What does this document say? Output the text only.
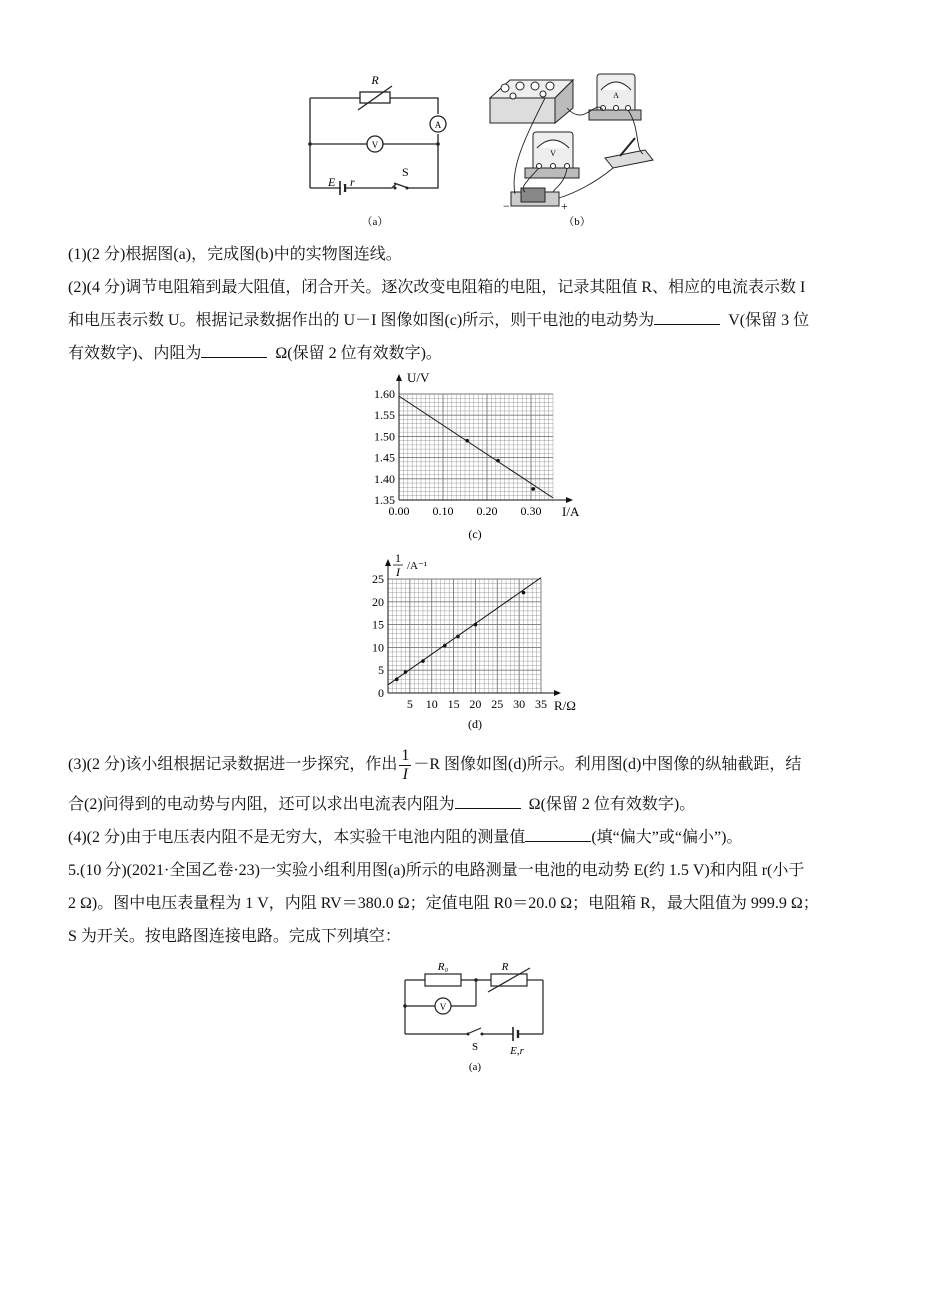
R
A
V
E r
S
（a）
A
V
−	+
（b）
(1)(2 分)根据图(a)，完成图(b)中的实物图连线。
(2)(4 分)调节电阻箱到最大阻值，闭合开关。逐次改变电阻箱的电阻，记录其阻值 R、相应的电流表示数 I
和电压表示数 U。根据记录数据作出的 U－I 图像如图(c)所示，则干电池的电动势为	V(保留 3 位
有效数字)、内阻为	Ω(保留 2 位有效数字)。
0.00 0.10 0.20 0.30
1.35
1.40
1.45
1.50
1.55
1.60
U/V
I/A
(c)
5 10 15 20 25 30 35
0
5
10
15
20
25
1
I /A⁻¹
R/Ω
(d)
(3)(2 分)该小组根据记录数据进一步探究，作出 $\frac{1}{I} -R$ 图像如图(d)所示。利用图(d)中图像的纵轴截距，结
合(2)问得到的电动势与内阻，还可以求出电流表内阻为	Ω(保留 2 位有效数字)。
(4)(2 分)由于电压表内阻不是无穷大，本实验干电池内阻的测量值	(填“偏大”或“偏小”)。
5.(10 分)(2021·全国乙卷·23)一实验小组利用图(a)所示的电路测量一电池的电动势 E(约 1.5 V)和内阻 r(小于
2 Ω)。图中电压表量程为 1 V，内阻 RV＝380.0 Ω；定值电阻 R0＝20.0 Ω；电阻箱 R，最大阻值为 999.9 Ω；
S 为开关。按电路图连接电路。完成下列填空：
R₀	R
V
S	E,r
(a)
